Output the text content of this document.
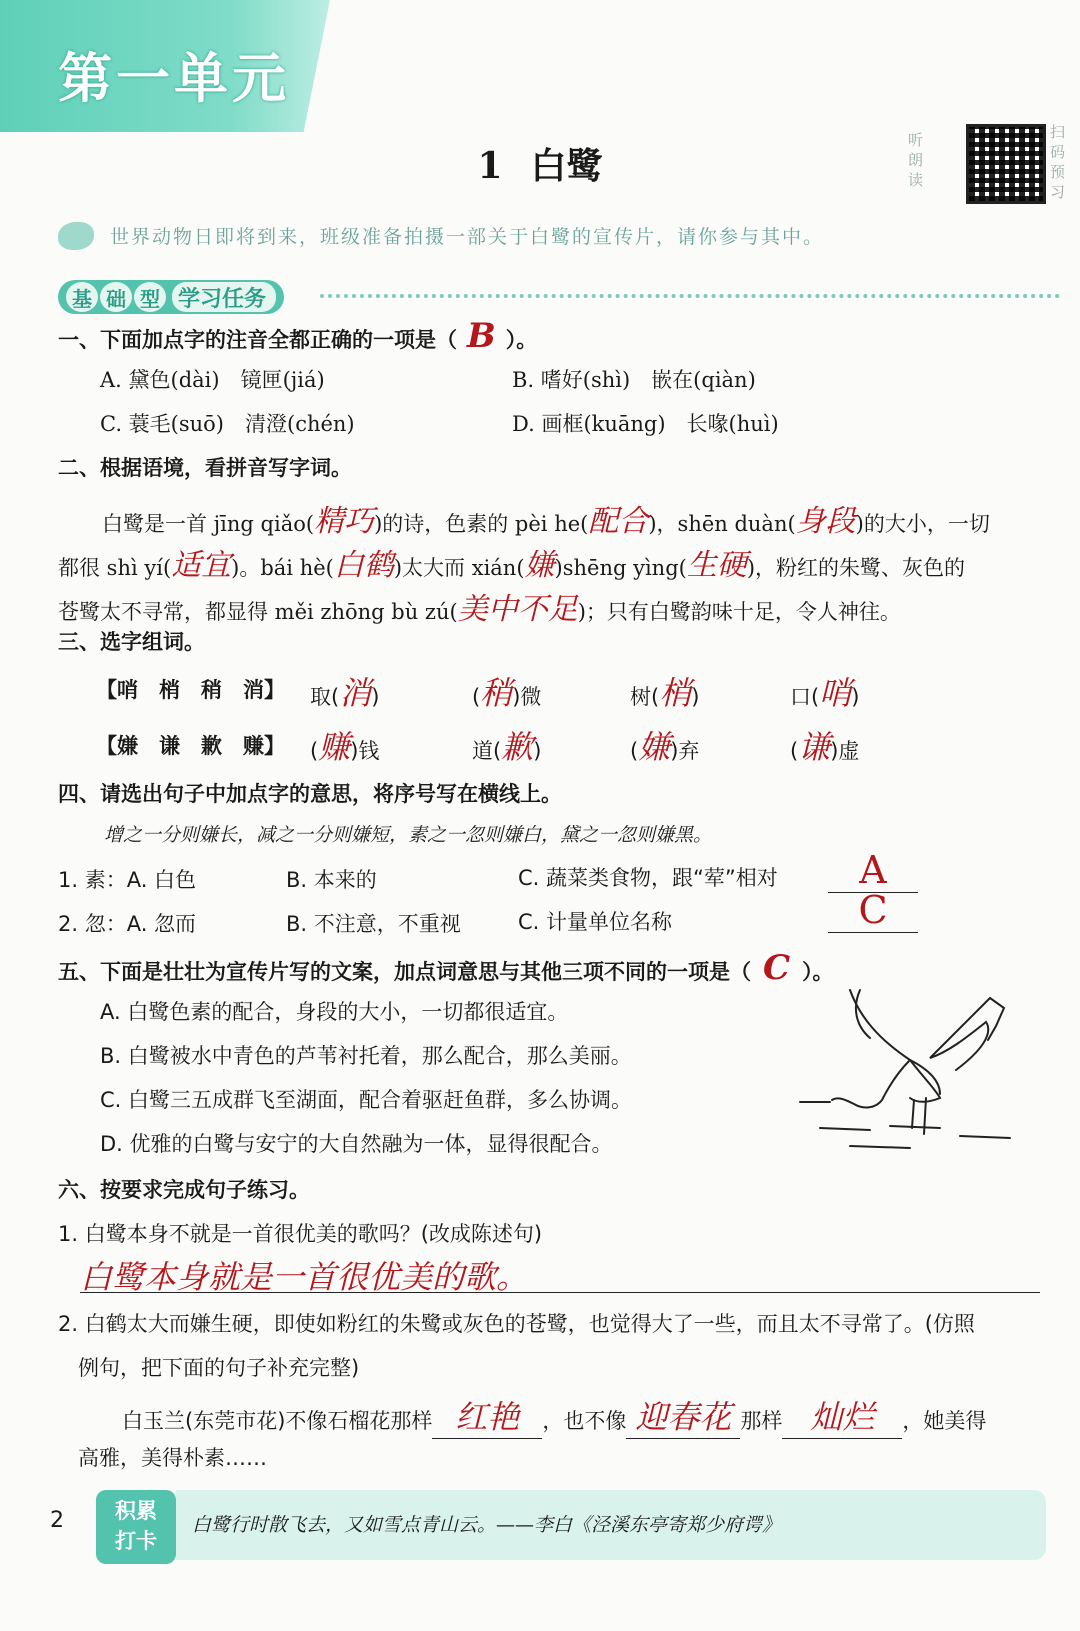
第一单元
1 白鹭
听朗读
扫码预习
世界动物日即将到来，班级准备拍摄一部关于白鹭的宣传片，请你参与其中。
基 础 型 学习任务
一、下面加点字的注音全都正确的一项是（ B ）。
A. 黛色(dài)　镜匣(jiá)	B. 嗜好(shì)　嵌在(qiàn)
C. 蓑毛(suō)　清澄(chén)	D. 画框(kuāng)　长喙(huì)
二、根据语境，看拼音写字词。
白鹭是一首 jīng qiǎo(精巧)的诗，色素的 pèi he(配合)，shēn duàn(身段)的大小，一切
都很 shì yí(适宜)。bái hè(白鹤)太大而 xián(嫌)shēng yìng(生硬)，粉红的朱鹭、灰色的
苍鹭太不寻常，都显得 měi zhōng bù zú(美中不足)；只有白鹭韵味十足，令人神往。
三、选字组词。
【哨　梢　稍　消】 取(消)	(稍)微	树(梢)	口(哨)
【嫌　谦　歉　赚】 (赚)钱	道(歉)	(嫌)弃	(谦)虚
四、请选出句子中加点字的意思，将序号写在横线上。
增之一分则嫌长，减之一分则嫌短，素之一忽则嫌白，黛之一忽则嫌黑。
1. 素：A. 白色	B. 本来的	C. 蔬菜类食物，跟“荤”相对	A
2. 忽：A. 忽而	B. 不注意，不重视	C. 计量单位名称	C
五、下面是壮壮为宣传片写的文案，加点词意思与其他三项不同的一项是（ C ）。
A. 白鹭色素的配合，身段的大小，一切都很适宜。
B. 白鹭被水中青色的芦苇衬托着，那么配合，那么美丽。
C. 白鹭三五成群飞至湖面，配合着驱赶鱼群，多么协调。
D. 优雅的白鹭与安宁的大自然融为一体，显得很配合。
六、按要求完成句子练习。
1. 白鹭本身不就是一首很优美的歌吗？(改成陈述句)
白鹭本身就是一首很优美的歌。
2. 白鹤太大而嫌生硬，即使如粉红的朱鹭或灰色的苍鹭，也觉得大了一些，而且太不寻常了。(仿照
例句，把下面的句子补充完整)
白玉兰(东莞市花)不像石榴花那样 红艳 ，也不像 迎春花 那样 灿烂 ，她美得
高雅，美得朴素……
2	积累
打卡
白鹭行时散飞去，又如雪点青山云。——李白《泾溪东亭寄郑少府谔》
